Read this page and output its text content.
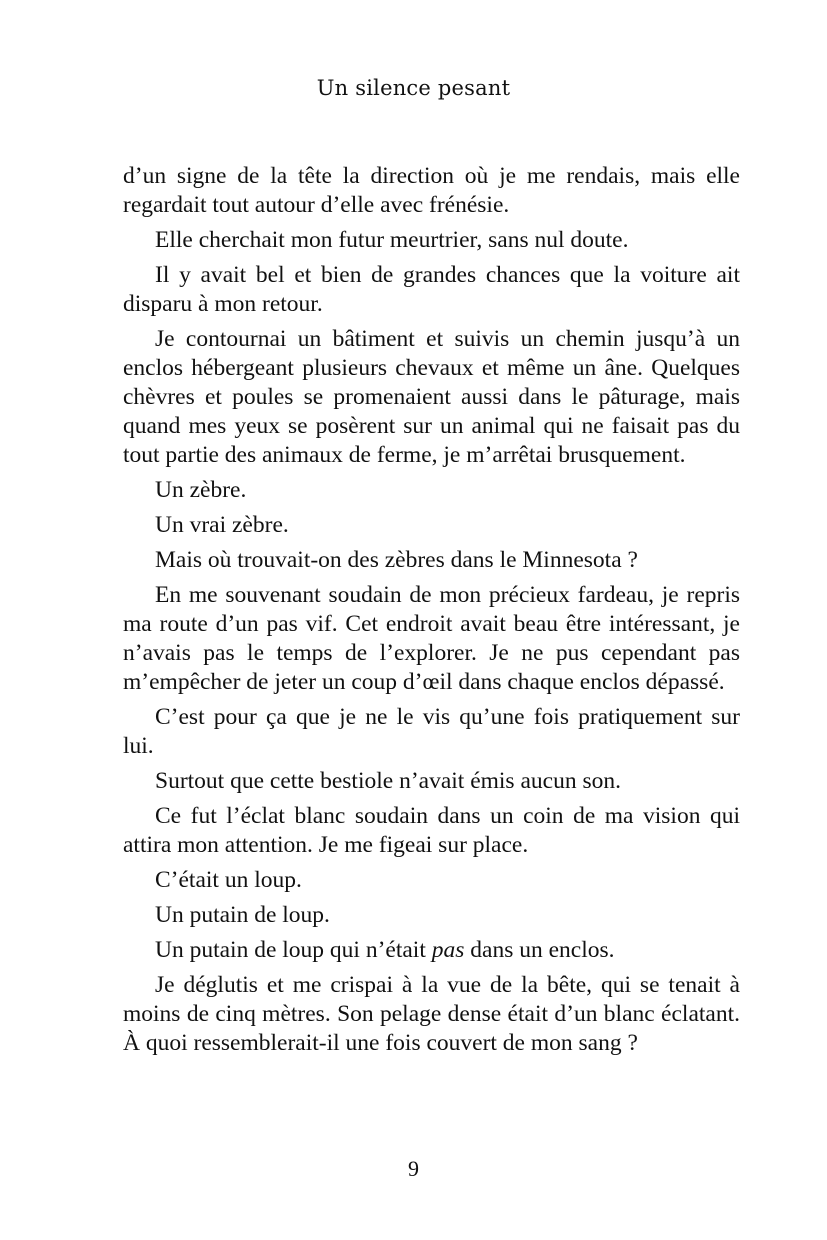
Un silence pesant

d’un signe de la tête la direction où je me rendais, mais elle regardait tout autour d’elle avec frénésie.

Elle cherchait mon futur meurtrier, sans nul doute.

Il y avait bel et bien de grandes chances que la voiture ait disparu à mon retour.

Je contournai un bâtiment et suivis un chemin jusqu’à un enclos hébergeant plusieurs chevaux et même un âne. Quelques chèvres et poules se promenaient aussi dans le pâturage, mais quand mes yeux se posèrent sur un animal qui ne faisait pas du tout partie des animaux de ferme, je m’arrêtai brusquement.

Un zèbre.

Un vrai zèbre.

Mais où trouvait-on des zèbres dans le Minnesota ?

En me souvenant soudain de mon précieux fardeau, je repris ma route d’un pas vif. Cet endroit avait beau être intéressant, je n’avais pas le temps de l’explorer. Je ne pus cependant pas m’empêcher de jeter un coup d’œil dans chaque enclos dépassé.

C’est pour ça que je ne le vis qu’une fois pratiquement sur lui.

Surtout que cette bestiole n’avait émis aucun son.

Ce fut l’éclat blanc soudain dans un coin de ma vision qui attira mon attention. Je me figeai sur place.

C’était un loup.

Un putain de loup.

Un putain de loup qui n’était pas dans un enclos.

Je déglutis et me crispai à la vue de la bête, qui se tenait à moins de cinq mètres. Son pelage dense était d’un blanc éclatant. À quoi ressemblerait-il une fois couvert de mon sang ?

9
